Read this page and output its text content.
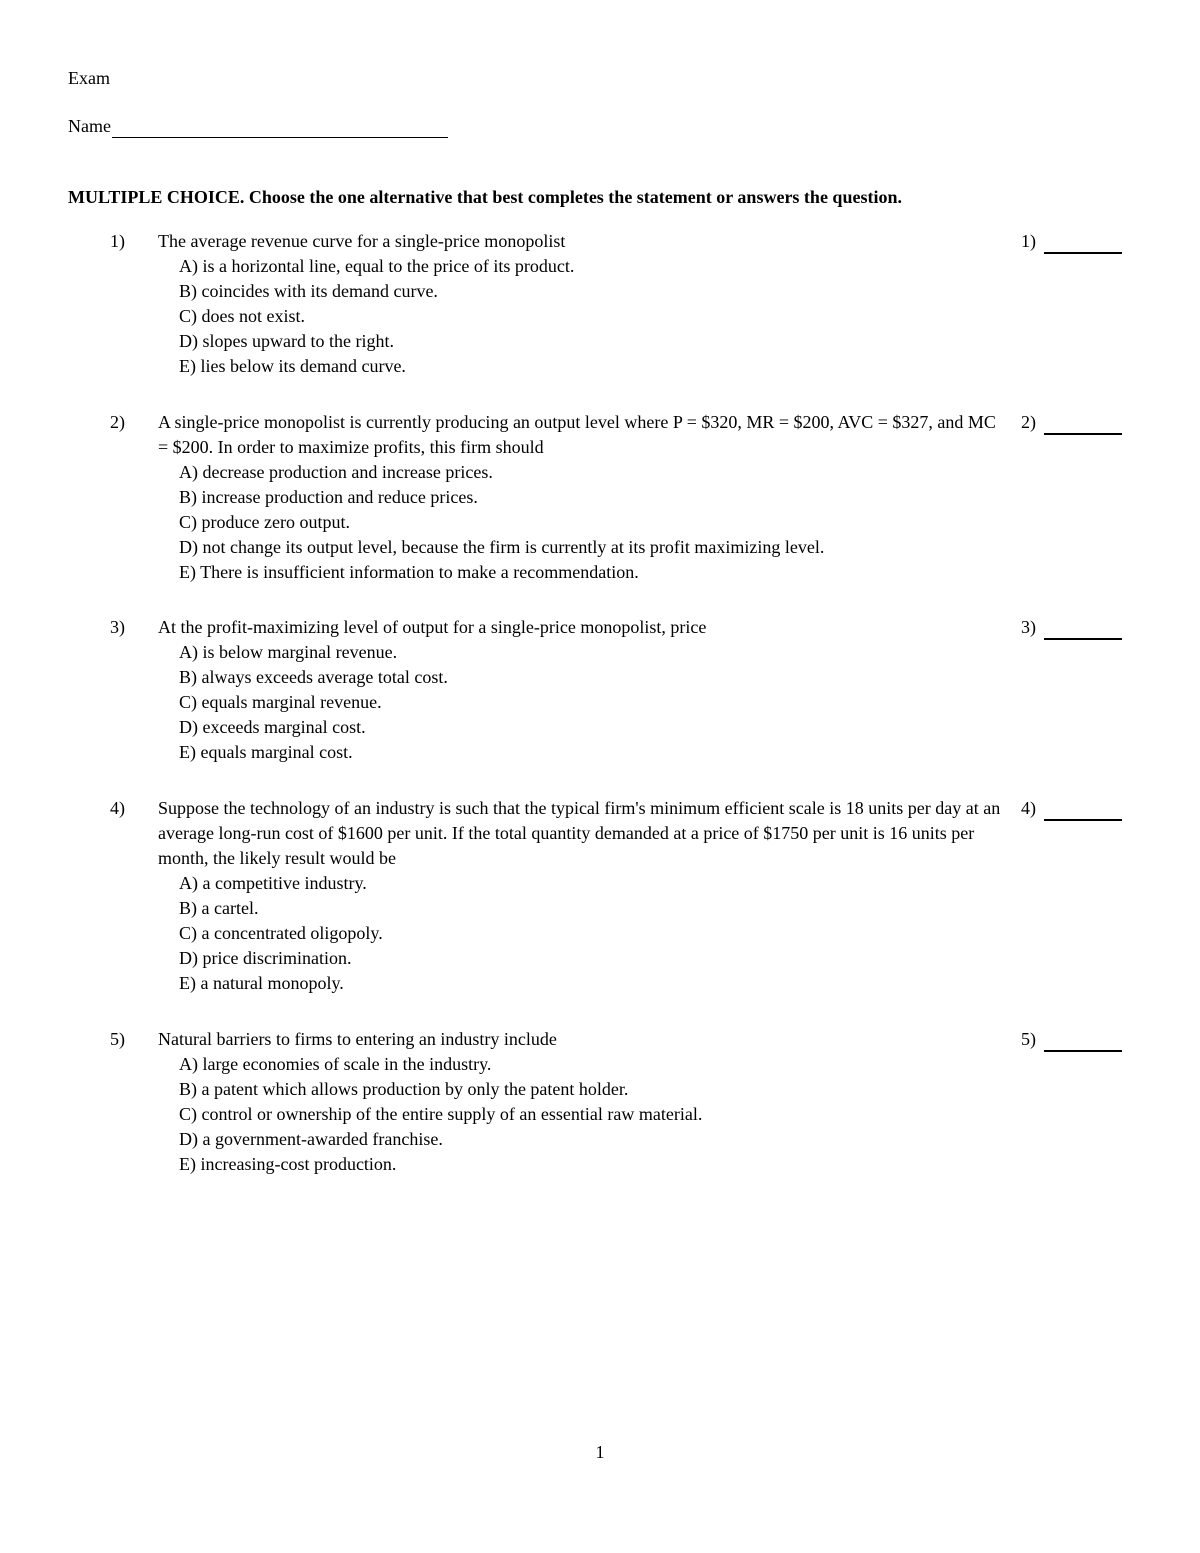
Exam
Name
MULTIPLE CHOICE. Choose the one alternative that best completes the statement or answers the question.
1) The average revenue curve for a single-price monopolist	1)
A) is a horizontal line, equal to the price of its product.
B) coincides with its demand curve.
C) does not exist.
D) slopes upward to the right.
E) lies below its demand curve.
2) A single-price monopolist is currently producing an output level where P = $320, MR = $200, AVC = $327, and MC = $200. In order to maximize profits, this firm should
2)
A) decrease production and increase prices.
B) increase production and reduce prices.
C) produce zero output.
D) not change its output level, because the firm is currently at its profit maximizing level.
E) There is insufficient information to make a recommendation.
3) At the profit-maximizing level of output for a single-price monopolist, price	3)
A) is below marginal revenue.
B) always exceeds average total cost.
C) equals marginal revenue.
D) exceeds marginal cost.
E) equals marginal cost.
4) Suppose the technology of an industry is such that the typical firm's minimum efficient scale is 18 units per day at an average long-run cost of $1600 per unit. If the total quantity demanded at a price of $1750 per unit is 16 units per month, the likely result would be
4)
A) a competitive industry.
B) a cartel.
C) a concentrated oligopoly.
D) price discrimination.
E) a natural monopoly.
5) Natural barriers to firms to entering an industry include	5)
A) large economies of scale in the industry.
B) a patent which allows production by only the patent holder.
C) control or ownership of the entire supply of an essential raw material.
D) a government-awarded franchise.
E) increasing-cost production.
1
